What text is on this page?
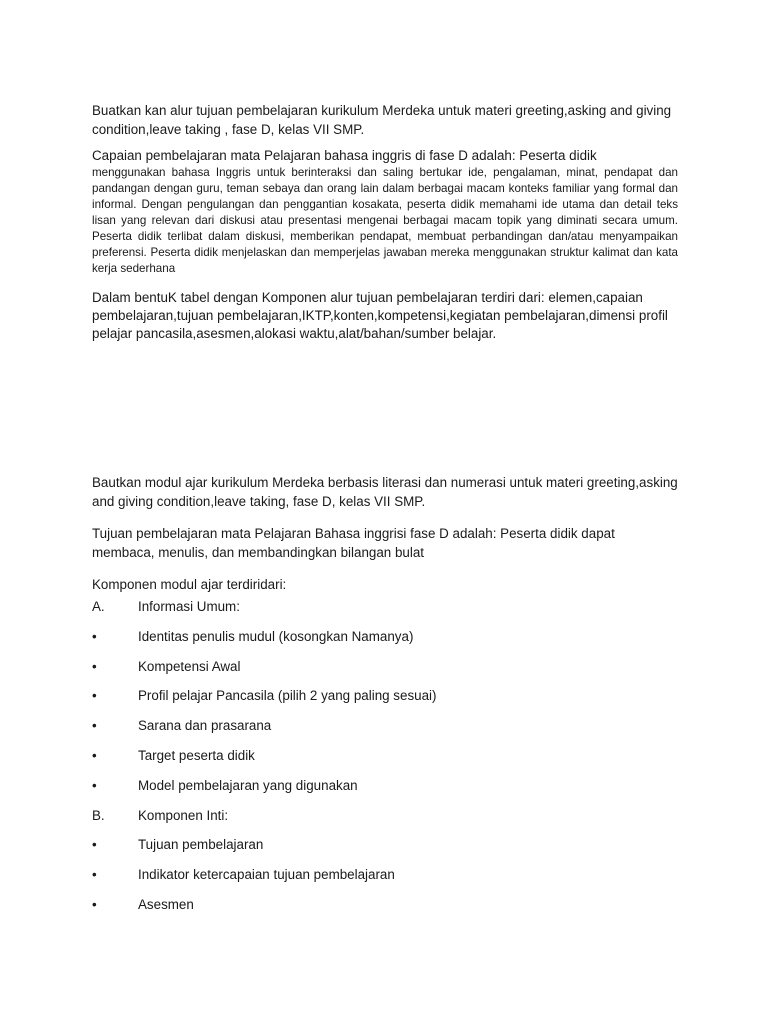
Buatkan kan alur tujuan pembelajaran kurikulum Merdeka untuk materi greeting,asking and giving condition,leave taking , fase D, kelas VII SMP.

Capaian pembelajaran mata Pelajaran bahasa inggris di fase D adalah: Peserta didik

menggunakan bahasa Inggris untuk berinteraksi dan saling bertukar ide, pengalaman, minat, pendapat dan pandangan dengan guru, teman sebaya dan orang lain dalam berbagai macam konteks familiar yang formal dan informal. Dengan pengulangan dan penggantian kosakata, peserta didik memahami ide utama dan detail teks lisan yang relevan dari diskusi atau presentasi mengenai berbagai macam topik yang diminati secara umum. Peserta didik terlibat dalam diskusi, memberikan pendapat, membuat perbandingan dan/atau menyampaikan preferensi. Peserta didik menjelaskan dan memperjelas jawaban mereka menggunakan struktur kalimat dan kata kerja sederhana

Dalam bentuK tabel dengan Komponen alur tujuan pembelajaran terdiri dari: elemen,capaian pembelajaran,tujuan pembelajaran,IKTP,konten,kompetensi,kegiatan pembelajaran,dimensi profil pelajar pancasila,asesmen,alokasi waktu,alat/bahan/sumber belajar.

Bautkan modul ajar kurikulum Merdeka berbasis literasi dan numerasi untuk materi greeting,asking and giving condition,leave taking, fase D, kelas VII SMP.

Tujuan pembelajaran mata Pelajaran Bahasa inggrisi fase D adalah: Peserta didik dapat membaca, menulis, dan membandingkan bilangan bulat

Komponen modul ajar terdiridari:

A.	Informasi Umum:
•	Identitas penulis mudul (kosongkan Namanya)
•	Kompetensi Awal
•	Profil pelajar Pancasila (pilih 2 yang paling sesuai)
•	Sarana dan prasarana
•	Target peserta didik
•	Model pembelajaran yang digunakan
B.	Komponen Inti:
•	Tujuan pembelajaran
•	Indikator ketercapaian tujuan pembelajaran
•	Asesmen
